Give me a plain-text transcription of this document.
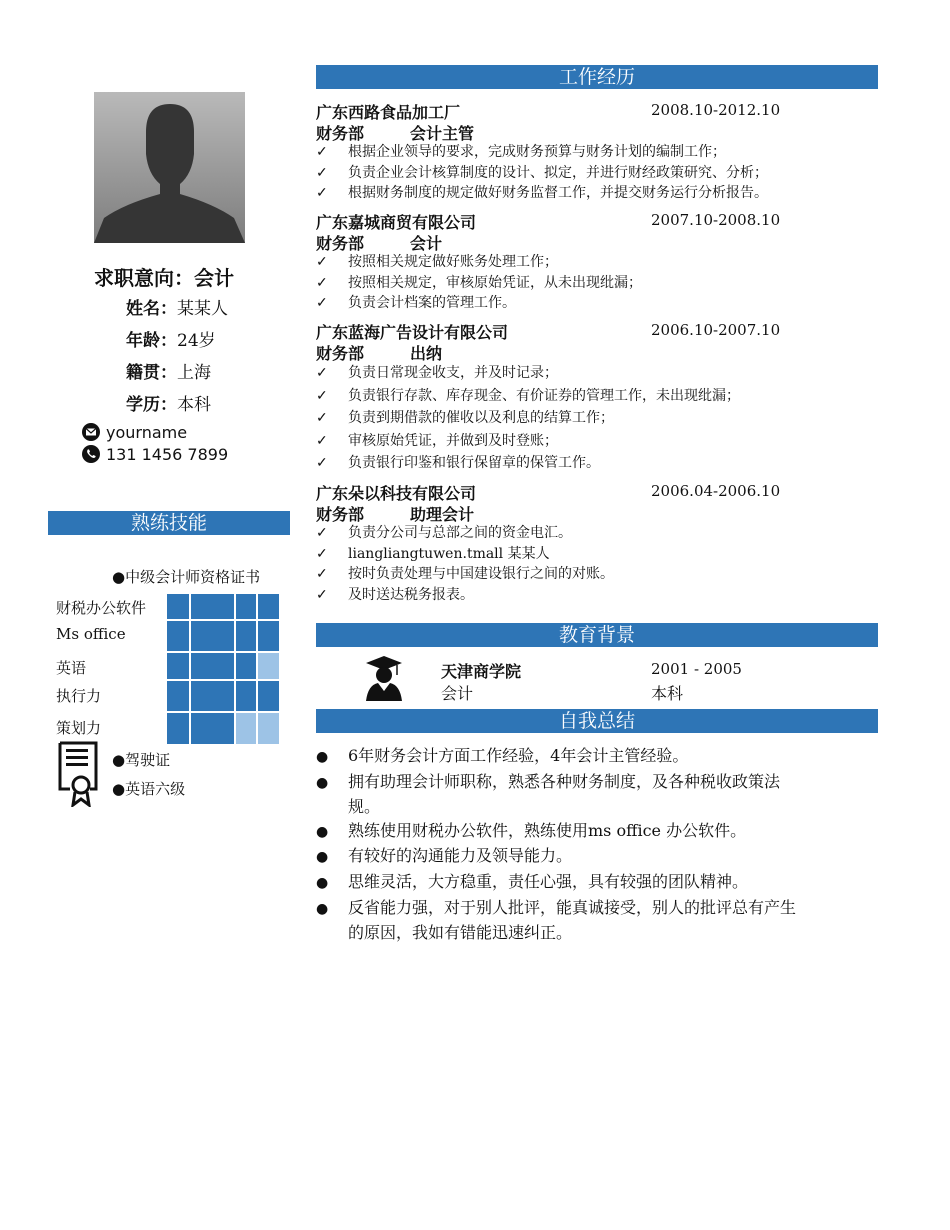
求职意向：会计
姓名：某某人
年龄：24岁
籍贯：上海
学历：本科
yourname
131 1456 7899
熟练技能
●中级会计师资格证书
财税办公软件
Ms office
英语
执行力
策划力
●驾驶证
●英语六级
工作经历
广东西路食品加工厂	2008.10-2012.10
财务部	会计主管
✓ 根据企业领导的要求，完成财务预算与财务计划的编制工作；
✓ 负责企业会计核算制度的设计、拟定，并进行财经政策研究、分析；
✓ 根据财务制度的规定做好财务监督工作，并提交财务运行分析报告。
广东嘉城商贸有限公司	2007.10-2008.10
财务部	会计
✓ 按照相关规定做好账务处理工作；
✓ 按照相关规定，审核原始凭证，从未出现纰漏；
✓ 负责会计档案的管理工作。
广东蓝海广告设计有限公司	2006.10-2007.10
财务部	出纳
✓ 负责日常现金收支，并及时记录；
✓ 负责银行存款、库存现金、有价证券的管理工作，未出现纰漏；
✓ 负责到期借款的催收以及利息的结算工作；
✓ 审核原始凭证，并做到及时登账；
✓ 负责银行印鉴和银行保留章的保管工作。
广东朵以科技有限公司	2006.04-2006.10
财务部	助理会计
✓ 负责分公司与总部之间的资金电汇。
✓ liangliangtuwen.tmall 某某人
✓ 按时负责处理与中国建设银行之间的对账。
✓ 及时送达税务报表。
教育背景
天津商学院	2001 - 2005
会计	本科
自我总结
● 6年财务会计方面工作经验，4年会计主管经验。
● 拥有助理会计师职称，熟悉各种财务制度，及各种税收政策法
规。
● 熟练使用财税办公软件，熟练使用ms office 办公软件。
● 有较好的沟通能力及领导能力。
● 思维灵活，大方稳重，责任心强，具有较强的团队精神。
● 反省能力强，对于别人批评，能真诚接受，别人的批评总有产生
的原因，我如有错能迅速纠正。
